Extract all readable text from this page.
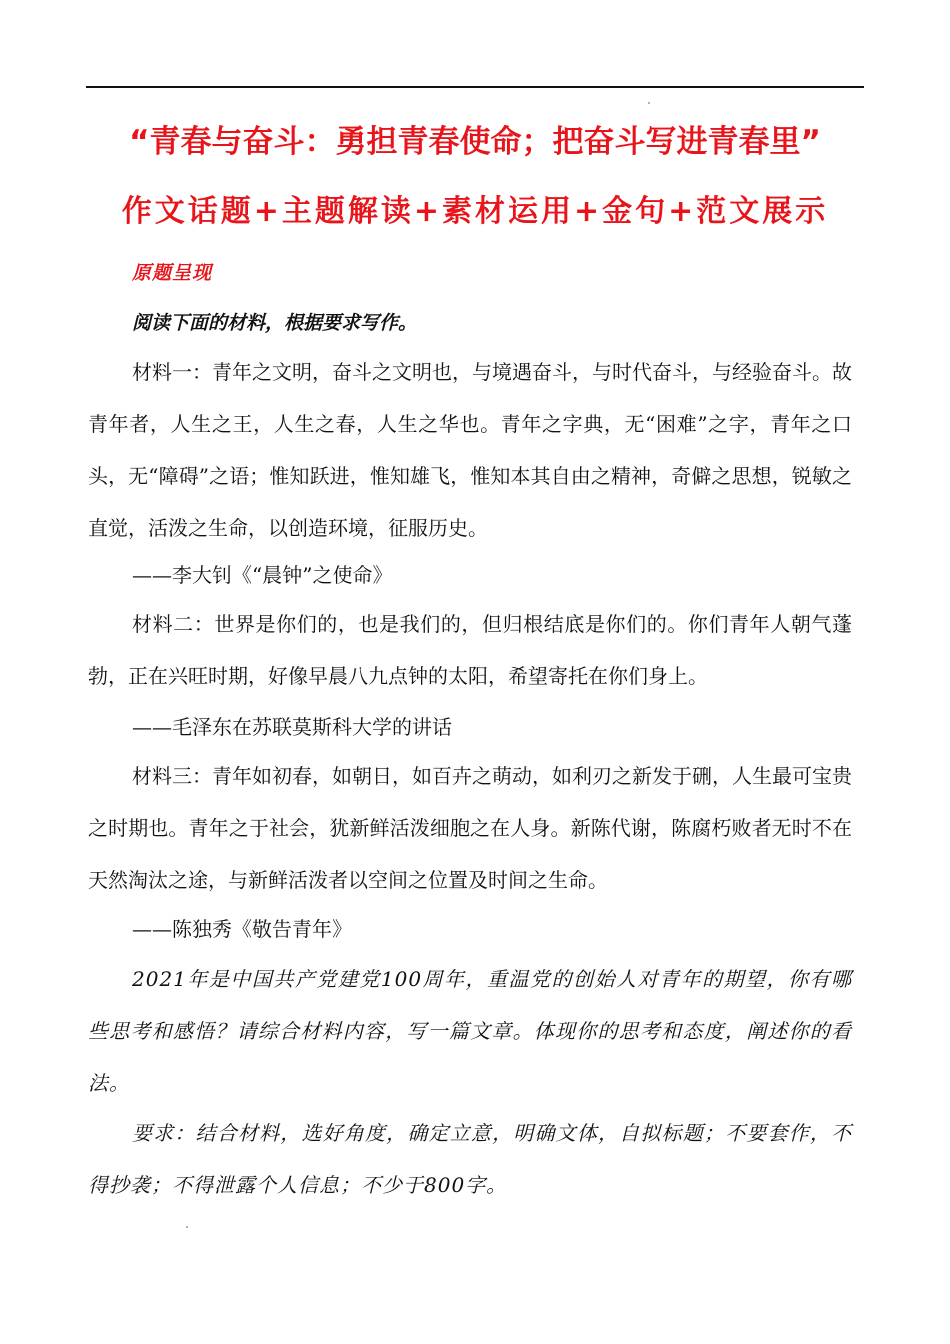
“青春与奋斗：勇担青春使命；把奋斗写进青春里”
作文话题+主题解读+素材运用+金句+范文展示
原题呈现
阅读下面的材料，根据要求写作。

材料一：青年之文明，奋斗之文明也，与境遇奋斗，与时代奋斗，与经验奋斗。故青年者，人生之王，人生之春，人生之华也。青年之字典，无“困难”之字，青年之口头，无“障碍”之语；惟知跃进，惟知雄飞，惟知本其自由之精神，奇僻之思想，锐敏之直觉，活泼之生命，以创造环境，征服历史。

——李大钊《“晨钟”之使命》

材料二：世界是你们的，也是我们的，但归根结底是你们的。你们青年人朝气蓬勃，正在兴旺时期，好像早晨八九点钟的太阳，希望寄托在你们身上。

——毛泽东在苏联莫斯科大学的讲话

材料三：青年如初春，如朝日，如百卉之萌动，如利刃之新发于硎，人生最可宝贵之时期也。青年之于社会，犹新鲜活泼细胞之在人身。新陈代谢，陈腐朽败者无时不在天然淘汰之途，与新鲜活泼者以空间之位置及时间之生命。

——陈独秀《敬告青年》

2021年是中国共产党建党100周年，重温党的创始人对青年的期望，你有哪些思考和感悟？请综合材料内容，写一篇文章。体现你的思考和态度，阐述你的看法。

要求：结合材料，选好角度，确定立意，明确文体，自拟标题；不要套作，不得抄袭；不得泄露个人信息；不少于800字。
